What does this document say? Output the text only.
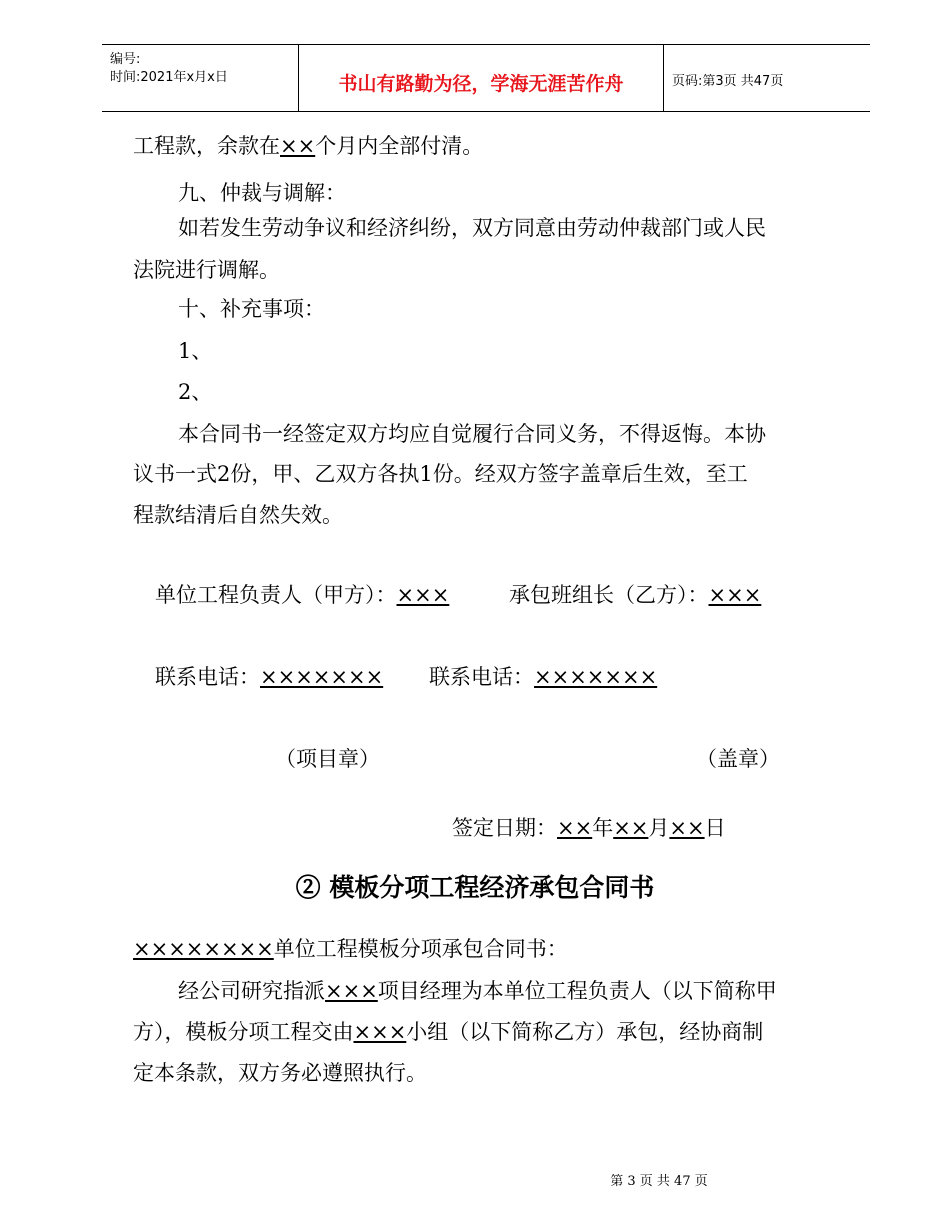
编号:
时间:2021年x月x日	书山有路勤为径，学海无涯苦作舟	页码:第3页 共47页
工程款，余款在××个月内全部付清。
九、仲裁与调解：
如若发生劳动争议和经济纠纷，双方同意由劳动仲裁部门或人民
法院进行调解。
十、补充事项：
1、
2、
本合同书一经签定双方均应自觉履行合同义务，不得返悔。本协
议书一式2份，甲、乙双方各执1份。经双方签字盖章后生效，至工
程款结清后自然失效。
单位工程负责人（甲方）：×××	承包班组长（乙方）：×××
联系电话：××××××× 联系电话：×××××××
（项目章）	（盖章）
签定日期：××年××月××日
② 模板分项工程经济承包合同书
××××××××单位工程模板分项承包合同书：
经公司研究指派×××项目经理为本单位工程负责人（以下简称甲
方），模板分项工程交由×××小组（以下简称乙方）承包，经协商制
定本条款，双方务必遵照执行。
第 3 页 共 47 页
